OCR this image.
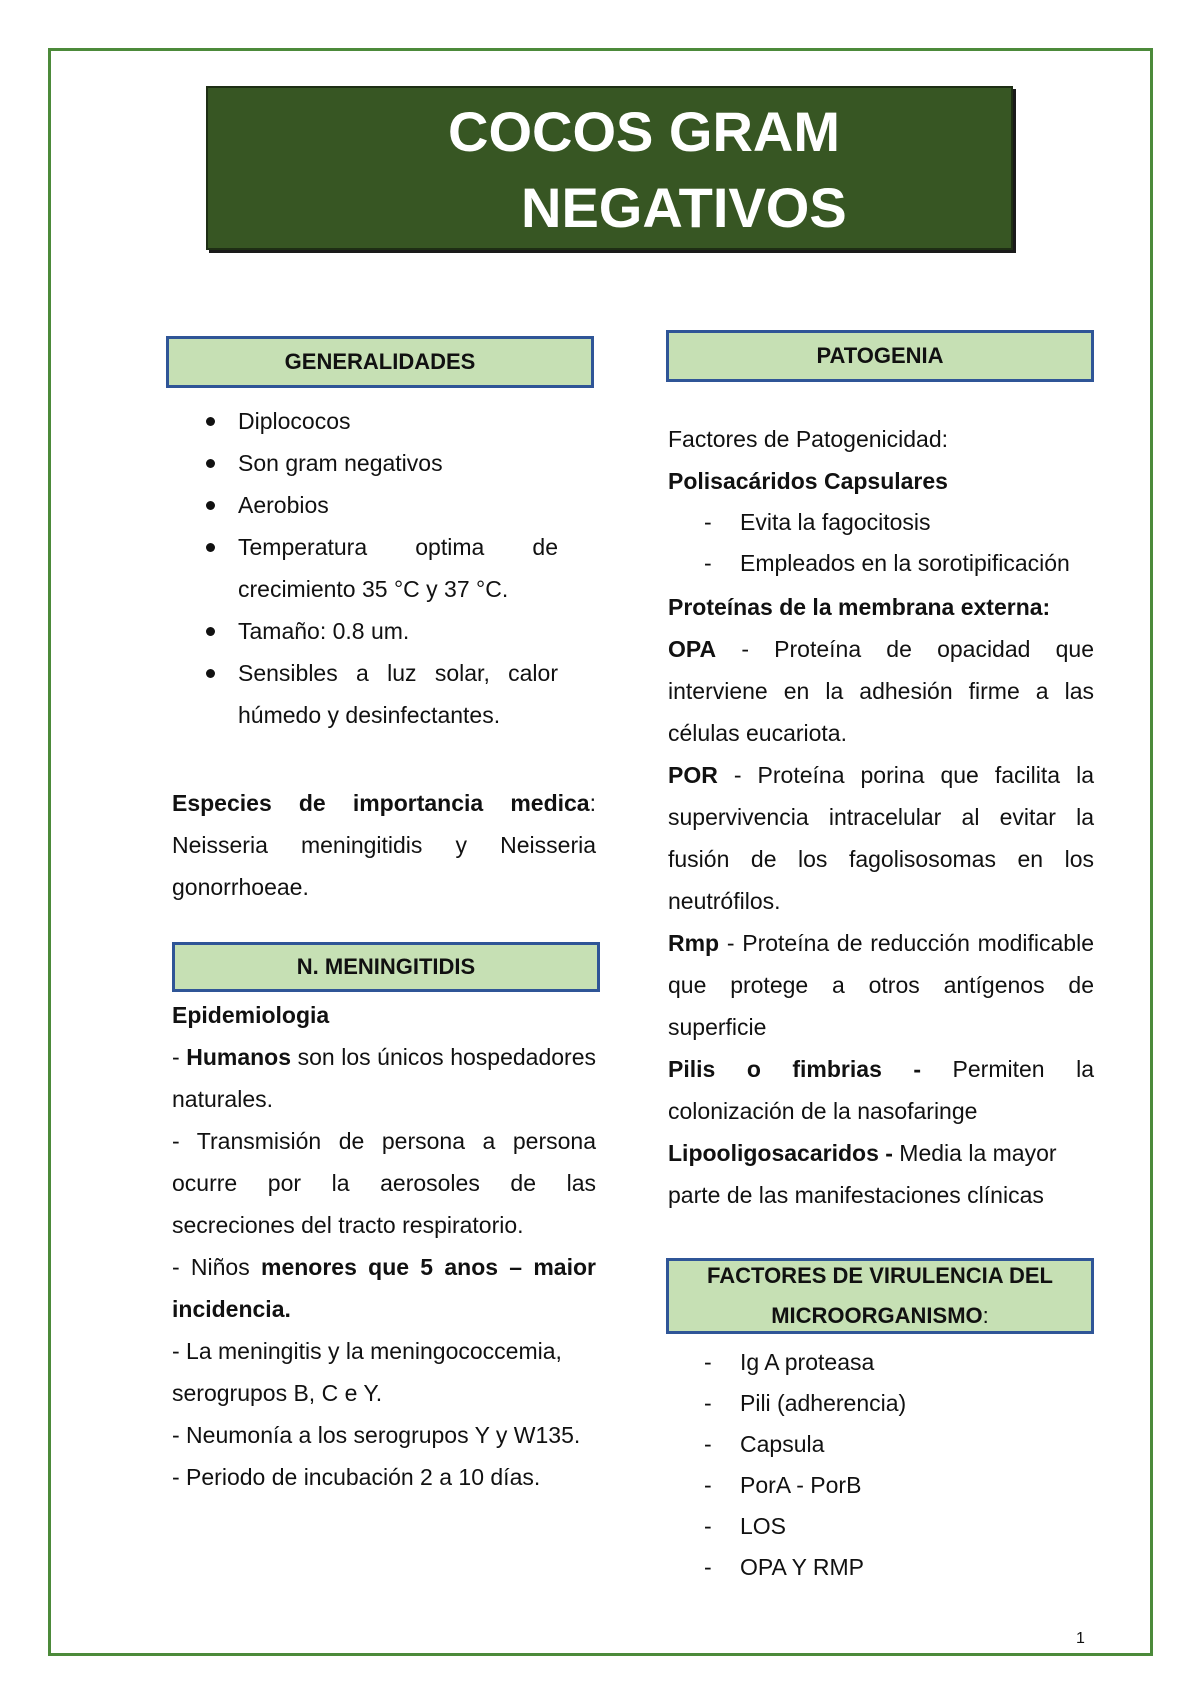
COCOS GRAM
NEGATIVOS
GENERALIDADES
Diplococos
Son gram negativos
Aerobios
Temperatura optima de crecimiento 35 °C y 37 °C.
Tamaño: 0.8 um.
Sensibles a luz solar, calor húmedo y desinfectantes.
Especies de importancia medica: Neisseria meningitidis y Neisseria gonorrhoeae.
N. MENINGITIDIS
Epidemiologia
- Humanos son los únicos hospedadores naturales.
- Transmisión de persona a persona ocurre por la aerosoles de las secreciones del tracto respiratorio.
- Niños menores que 5 anos – maior incidencia.
- La meningitis y la meningococcemia, serogrupos B, C e Y.
- Neumonía a los serogrupos Y y W135.
- Periodo de incubación 2 a 10 días.
PATOGENIA
Factores de Patogenicidad:
Polisacáridos Capsulares
- Evita la fagocitosis
- Empleados en la sorotipificación
Proteínas de la membrana externa:
OPA - Proteína de opacidad que interviene en la adhesión firme a las células eucariota.
POR - Proteína porina que facilita la supervivencia intracelular al evitar la fusión de los fagolisosomas en los neutrófilos.
Rmp - Proteína de reducción modificable que protege a otros antígenos de superficie
Pilis o fimbrias - Permiten la colonización de la nasofaringe
Lipooligosacaridos - Media la mayor parte de las manifestaciones clínicas
FACTORES DE VIRULENCIA DEL
MICROORGANISMO:
- Ig A proteasa
- Pili (adherencia)
- Capsula
- PorA - PorB
- LOS
- OPA Y RMP
1
